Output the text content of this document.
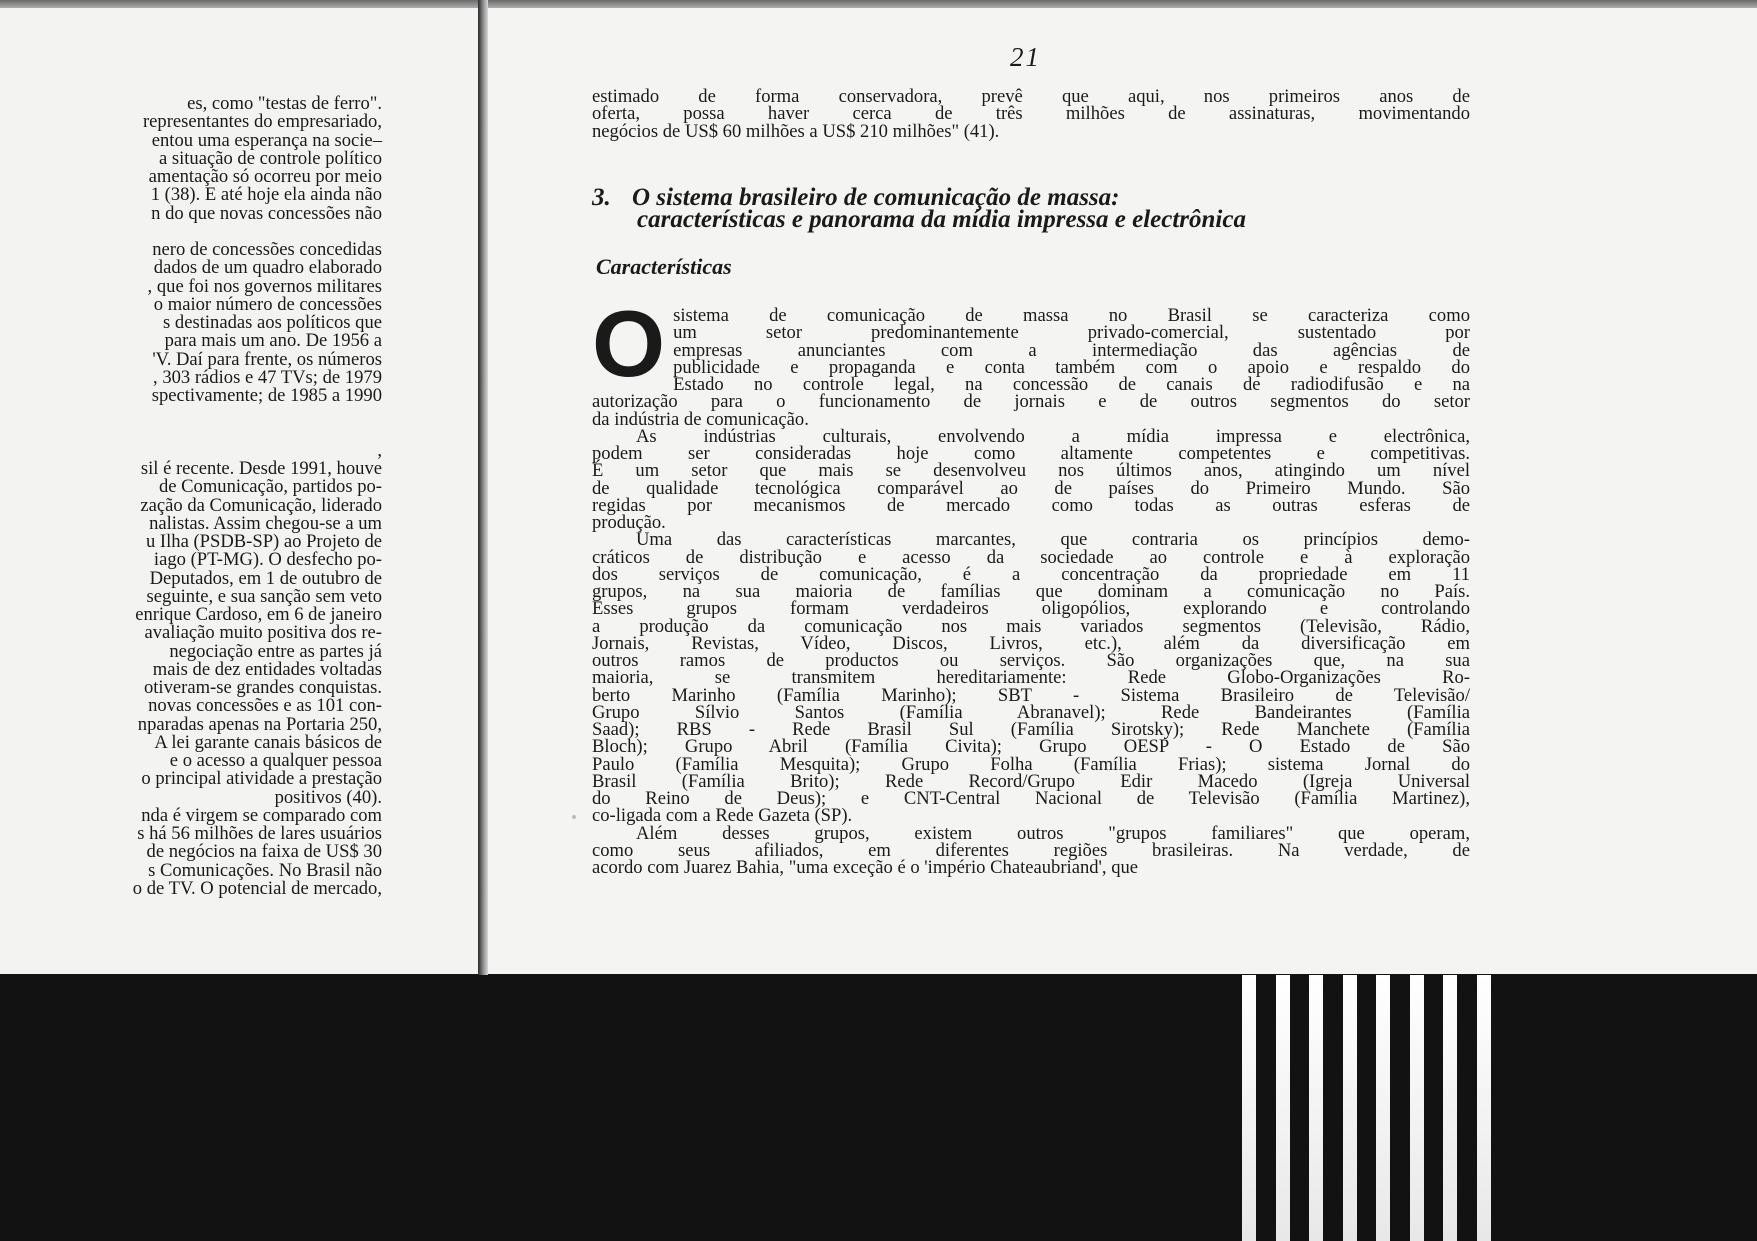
es, como "testas de ferro".

representantes do empresariado,

entou uma esperança na socie–

a situação de controle político

amentação só ocorreu por meio

1 (38). E até hoje ela ainda não

n do que novas concessões não

nero de concessões concedidas

dados de um quadro elaborado

, que foi nos governos militares

o maior número de concessões

s destinadas aos políticos que

para mais um ano. De 1956 a

'V. Daí para frente, os números

, 303 rádios e 47 TVs; de 1979

spectivamente; de 1985 a 1990

,

sil é recente. Desde 1991, houve

de Comunicação, partidos po-

zação da Comunicação, liderado

nalistas. Assim chegou-se a um

u Ilha (PSDB-SP) ao Projeto de

iago (PT-MG). O desfecho po-

Deputados, em 1 de outubro de

seguinte, e sua sanção sem veto

enrique Cardoso, em 6 de janeiro

avaliação muito positiva dos re-

negociação entre as partes já

mais de dez entidades voltadas

otiveram-se grandes conquistas.

novas concessões e as 101 con-

nparadas apenas na Portaria 250,

A lei garante canais básicos de

e o acesso a qualquer pessoa

o principal atividade a prestação

positivos (40).

nda é virgem se comparado com

s há 56 milhões de lares usuários

de negócios na faixa de US$ 30

s Comunicações. No Brasil não

o de TV. O potencial de mercado,

21

estimado de forma conservadora, prevê que aqui, nos primeiros anos de

oferta, possa haver cerca de três milhões de assinaturas, movimentando

negócios de US$ 60 milhões a US$ 210 milhões" (41).

3. O sistema brasileiro de comunicação de massa:
características e panorama da mídia impressa e electrônica
Características
O sistema de comunicação de massa no Brasil se caracteriza como

um setor predominantemente privado-comercial, sustentado por

empresas anunciantes com a intermediação das agências de

publicidade e propaganda e conta também com o apoio e respaldo do

Estado no controle legal, na concessão de canais de radiodifusão e na

autorização para o funcionamento de jornais e de outros segmentos do setor

da indústria de comunicação.

As indústrias culturais, envolvendo a mídia impressa e electrônica,

podem ser consideradas hoje como altamente competentes e competitivas.

É um setor que mais se desenvolveu nos últimos anos, atingindo um nível

de qualidade tecnológica comparável ao de países do Primeiro Mundo. São

regidas por mecanismos de mercado como todas as outras esferas de

produção.

Uma das características marcantes, que contraria os princípios demo-

cráticos de distribução e acesso da sociedade ao controle e à exploração

dos serviços de comunicação, é a concentração da propriedade em 11

grupos, na sua maioria de famílias que dominam a comunicação no País.

Esses grupos formam verdadeiros oligopólios, explorando e controlando

a produção da comunicação nos mais variados segmentos (Televisão, Rádio,

Jornais, Revistas, Vídeo, Discos, Livros, etc.), além da diversificação em

outros ramos de productos ou serviços. São organizações que, na sua

maioria, se transmitem hereditariamente: Rede Globo-Organizações Ro-

berto Marinho (Família Marinho); SBT - Sistema Brasileiro de Televisão/

Grupo Sílvio Santos (Família Abranavel); Rede Bandeirantes (Família

Saad); RBS - Rede Brasil Sul (Família Sirotsky); Rede Manchete (Família

Bloch); Grupo Abril (Família Civita); Grupo OESP - O Estado de São

Paulo (Família Mesquita); Grupo Folha (Família Frias); sistema Jornal do

Brasil (Família Brito); Rede Record/Grupo Edir Macedo (Igreja Universal

do Reino de Deus); e CNT-Central Nacional de Televisão (Família Martinez),

co-ligada com a Rede Gazeta (SP).

Além desses grupos, existem outros "grupos familiares" que operam,

como seus afiliados, em diferentes regiões brasileiras. Na verdade, de

acordo com Juarez Bahia, "uma exceção é o 'império Chateaubriand', que
